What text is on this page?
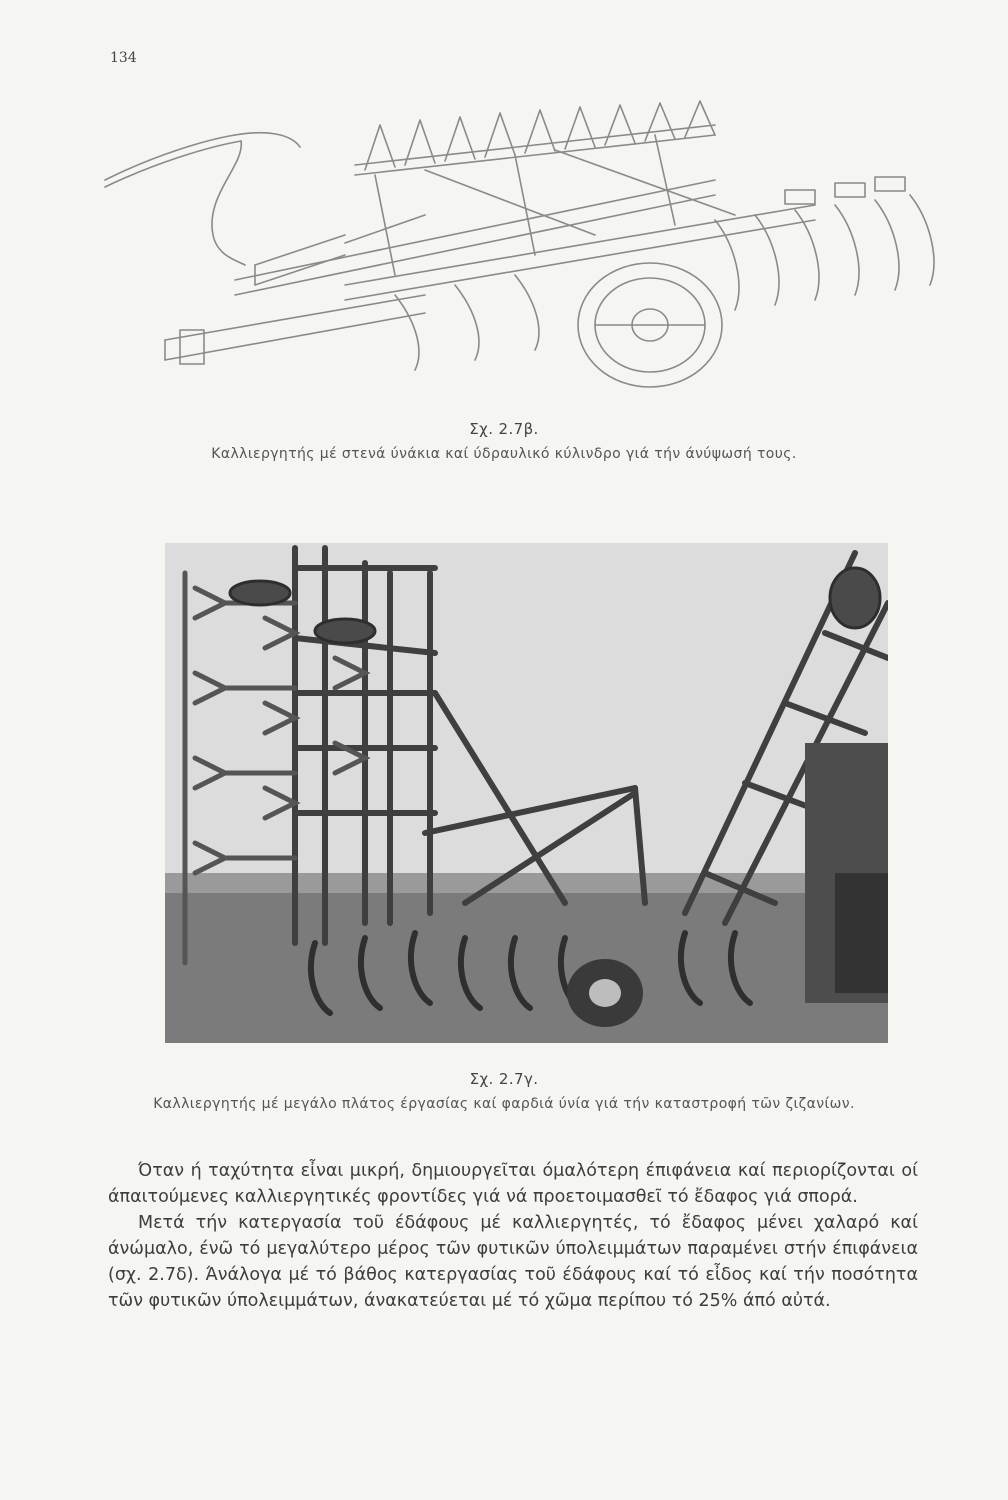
134
Σχ. 2.7β.
Καλλιεργητής μέ στενά ύνάκια καί ύδραυλικό κύλινδρο γιά τήν άνύψωσή τους.
Σχ. 2.7γ.
Καλλιεργητής μέ μεγάλο πλάτος έργασίας καί φαρδιά ύνία γιά τήν καταστροφή τῶν ζιζανίων.

Όταν ή ταχύτητα εἶναι μικρή, δημιουργεῖται όμαλότερη έπιφάνεια καί περιορίζονται οί άπαιτούμενες καλλιεργητικές φροντίδες γιά νά προετοιμασθεῖ τό ἔδαφος γιά σπορά.

Μετά τήν κατεργασία τοῦ έδάφους μέ καλλιεργητές, τό ἔδαφος μένει χαλαρό καί άνώμαλο, ένῶ τό μεγαλύτερο μέρος τῶν φυτικῶν ύπολειμμάτων παραμένει στήν έπιφάνεια (σχ. 2.7δ). Άνάλογα μέ τό βάθος κατεργασίας τοῦ έδάφους καί τό εἶδος καί τήν ποσότητα τῶν φυτικῶν ύπολειμμάτων, άνακατεύεται μέ τό χῶμα περίπου τό 25% άπό αὐτά.
